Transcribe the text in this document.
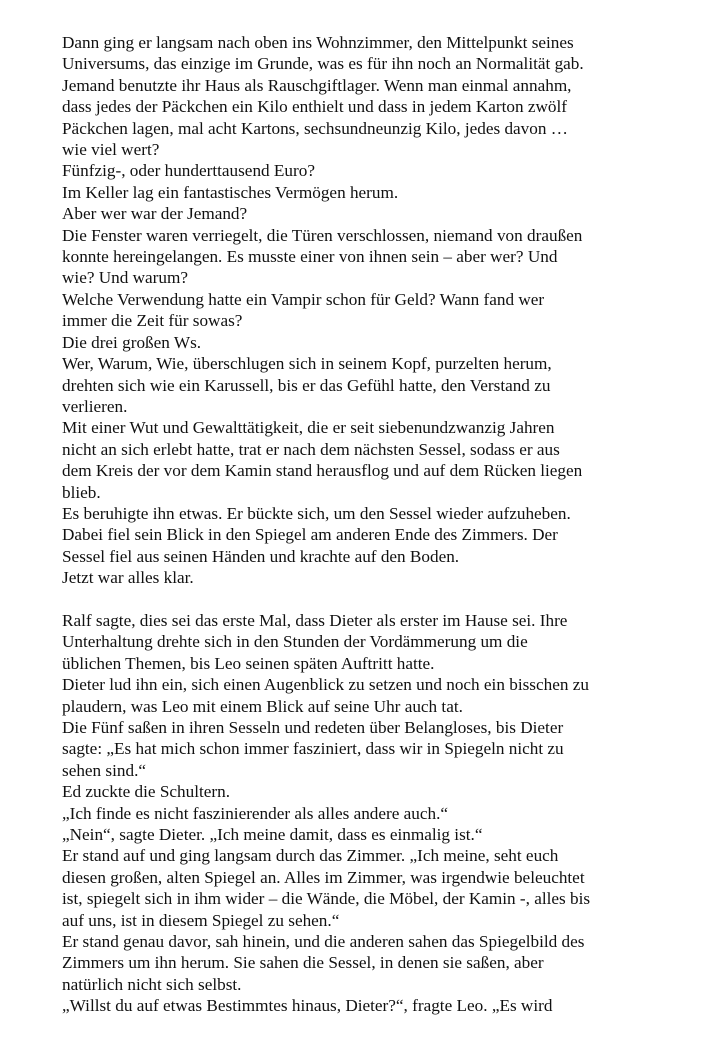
Dann ging er langsam nach oben ins Wohnzimmer, den Mittelpunkt seines
Universums, das einzige im Grunde, was es für ihn noch an Normalität gab.
Jemand benutzte ihr Haus als Rauschgiftlager. Wenn man einmal annahm,
dass jedes der Päckchen ein Kilo enthielt und dass in jedem Karton zwölf
Päckchen lagen, mal acht Kartons, sechsundneunzig Kilo, jedes davon …
wie viel wert?
Fünfzig-, oder hunderttausend Euro?
Im Keller lag ein fantastisches Vermögen herum.
Aber wer war der Jemand?
Die Fenster waren verriegelt, die Türen verschlossen, niemand von draußen
konnte hereingelangen. Es musste einer von ihnen sein – aber wer? Und
wie? Und warum?
Welche Verwendung hatte ein Vampir schon für Geld? Wann fand wer
immer die Zeit für sowas?
Die drei großen Ws.
Wer, Warum, Wie, überschlugen sich in seinem Kopf, purzelten herum,
drehten sich wie ein Karussell, bis er das Gefühl hatte, den Verstand zu
verlieren.
Mit einer Wut und Gewalttätigkeit, die er seit siebenundzwanzig Jahren
nicht an sich erlebt hatte, trat er nach dem nächsten Sessel, sodass er aus
dem Kreis der vor dem Kamin stand herausflog und auf dem Rücken liegen
blieb.
Es beruhigte ihn etwas. Er bückte sich, um den Sessel wieder aufzuheben.
Dabei fiel sein Blick in den Spiegel am anderen Ende des Zimmers. Der
Sessel fiel aus seinen Händen und krachte auf den Boden.
Jetzt war alles klar.
Ralf sagte, dies sei das erste Mal, dass Dieter als erster im Hause sei. Ihre
Unterhaltung drehte sich in den Stunden der Vordämmerung um die
üblichen Themen, bis Leo seinen späten Auftritt hatte.
Dieter lud ihn ein, sich einen Augenblick zu setzen und noch ein bisschen zu
plaudern, was Leo mit einem Blick auf seine Uhr auch tat.
Die Fünf saßen in ihren Sesseln und redeten über Belangloses, bis Dieter
sagte: „Es hat mich schon immer fasziniert, dass wir in Spiegeln nicht zu
sehen sind.“
Ed zuckte die Schultern.
„Ich finde es nicht faszinierender als alles andere auch.“
„Nein“, sagte Dieter. „Ich meine damit, dass es einmalig ist.“
Er stand auf und ging langsam durch das Zimmer. „Ich meine, seht euch
diesen großen, alten Spiegel an. Alles im Zimmer, was irgendwie beleuchtet
ist, spiegelt sich in ihm wider – die Wände, die Möbel, der Kamin -, alles bis
auf uns, ist in diesem Spiegel zu sehen.“
Er stand genau davor, sah hinein, und die anderen sahen das Spiegelbild des
Zimmers um ihn herum. Sie sahen die Sessel, in denen sie saßen, aber
natürlich nicht sich selbst.
„Willst du auf etwas Bestimmtes hinaus, Dieter?“, fragte Leo. „Es wird
